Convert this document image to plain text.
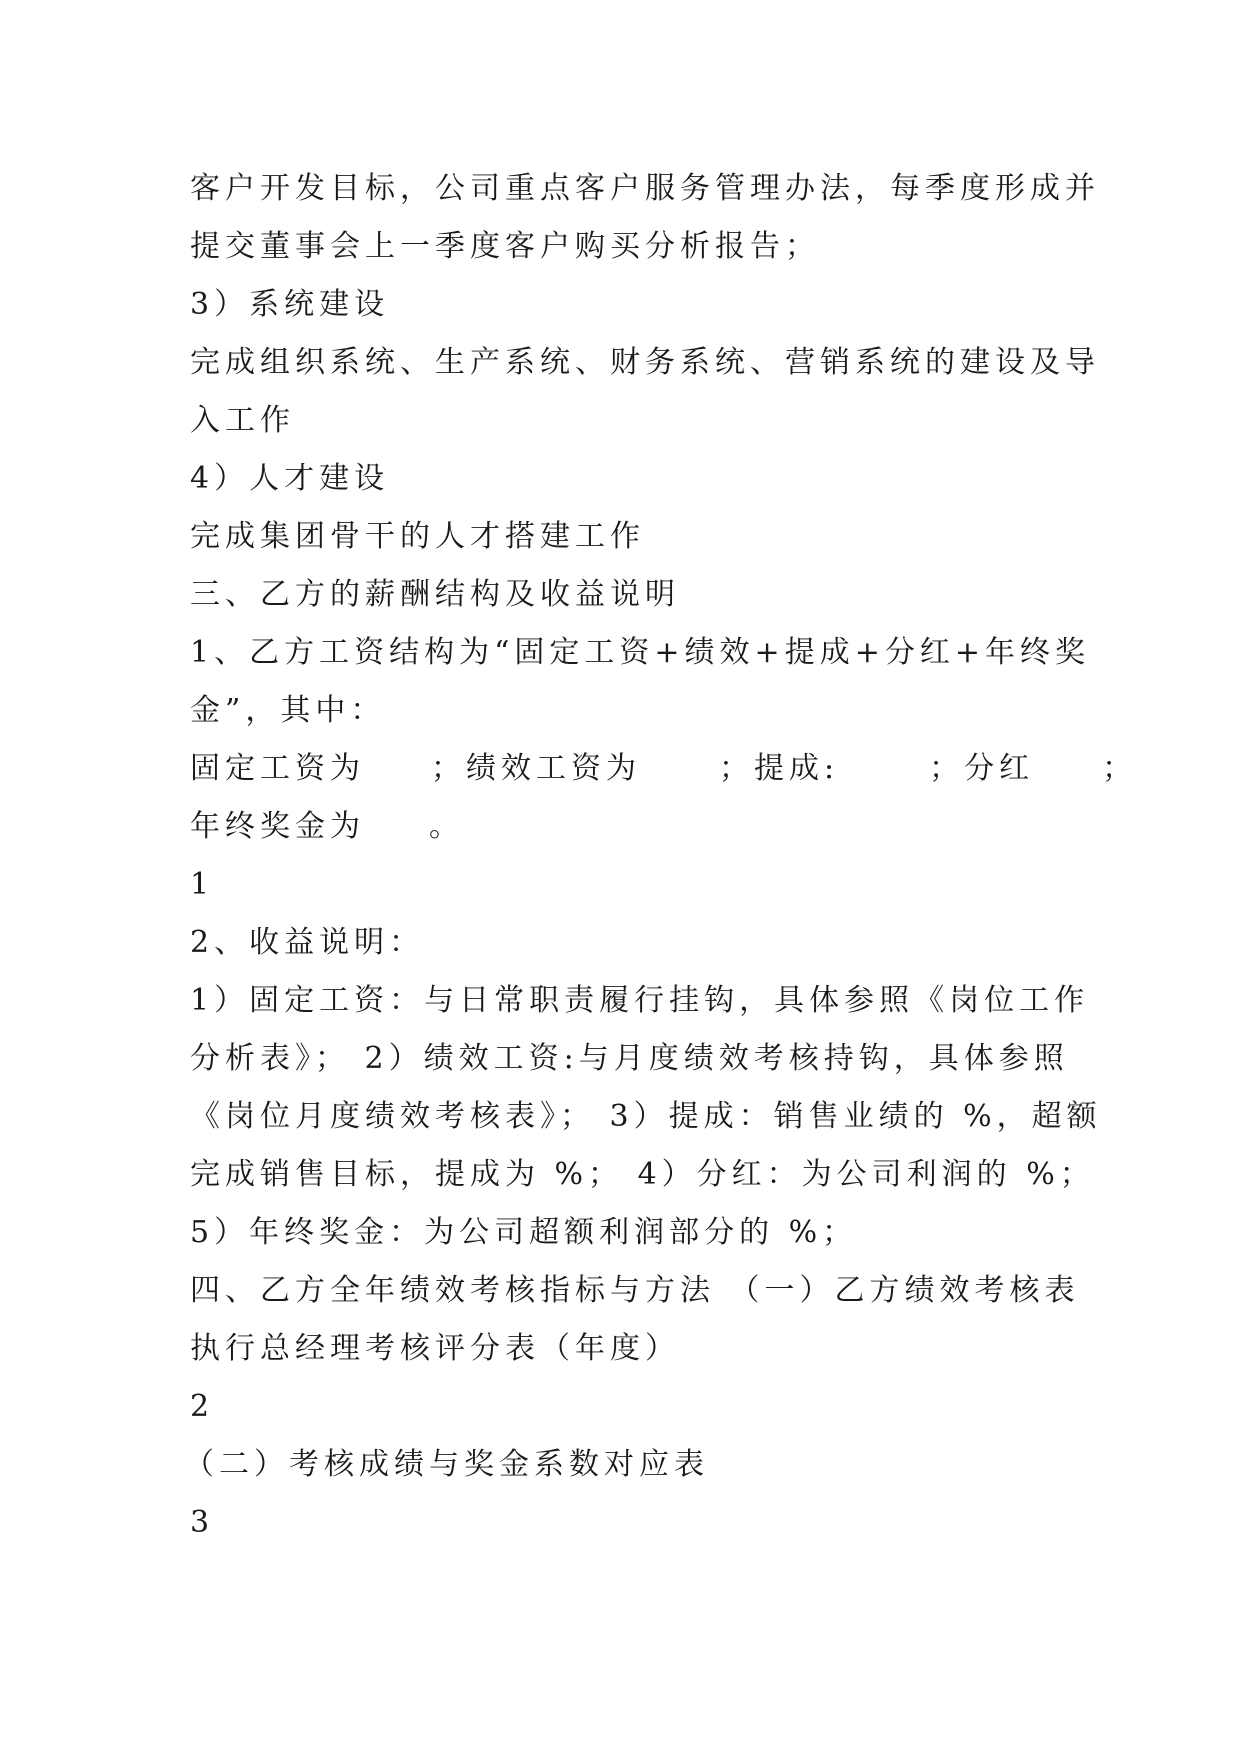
客户开发目标，公司重点客户服务管理办法，每季度形成并
提交董事会上一季度客户购买分析报告；
3）系统建设
完成组织系统、生产系统、财务系统、营销系统的建设及导
入工作
4）人才建设
完成集团骨干的人才搭建工作
三、乙方的薪酬结构及收益说明
1、乙方工资结构为“固定工资+绩效+提成+分红+年终奖
金”，其中：
固定工资为	；绩效工资为	；提成:	；分红	；
年终奖金为 。
1
2、收益说明：
1）固定工资：与日常职责履行挂钩，具体参照《岗位工作
分析表》； 2）绩效工资:与月度绩效考核持钩，具体参照
《岗位月度绩效考核表》； 3）提成：销售业绩的 %，超额
完成销售目标，提成为 %； 4）分红：为公司利润的 %；
5）年终奖金：为公司超额利润部分的 %；
四、乙方全年绩效考核指标与方法 （一）乙方绩效考核表
执行总经理考核评分表（年度）
2
（二）考核成绩与奖金系数对应表
3
